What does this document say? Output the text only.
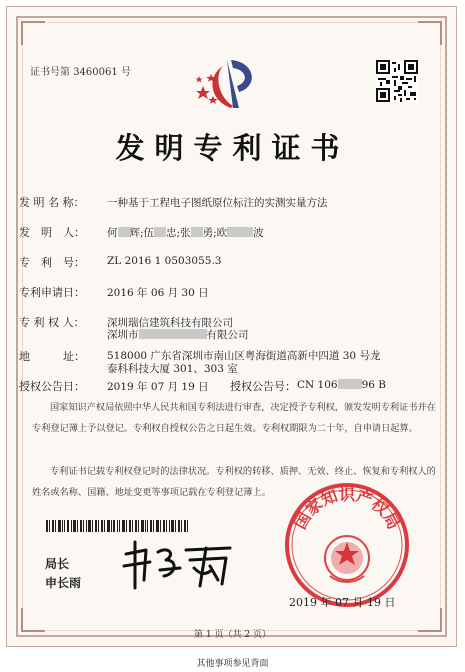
证书号第 3460061 号
发明专利证书
发 明 名 称： 一种基于工程电子图纸原位标注的实测实量方法
发　明　人： 何 辉;伍 忠;张 勇;欧 波
专　利　号： ZL 2016 1 0503055.3
专利申请日： 2016 年 06 月 30 日
专 利 权 人： 深圳瑞信建筑科技有限公司
深圳市	有限公司
地　　　址： 518000 广东省深圳市南山区粤海街道高新中四道 30 号龙
泰科科技大厦 301、303 室
授权公告日： 2019 年 07 月 19 日 授权公告号： CN 106 96 B
国家知识产权局依照中华人民共和国专利法进行审查，决定授予专利权，颁发发明专利证书并在专利登记簿上予以登记。专利权自授权公告之日起生效。专利权期限为二十年，自申请日起算。
专利证书记载专利权登记时的法律状况。专利权的转移、质押、无效、终止、恢复和专利权人的姓名或名称、国籍、地址变更等事项记载在专利登记簿上。
局长
申长雨
国家知识产权局
2019 年 07 月 19 日
第 1 页（共 2 页）
其他事项参见背面
